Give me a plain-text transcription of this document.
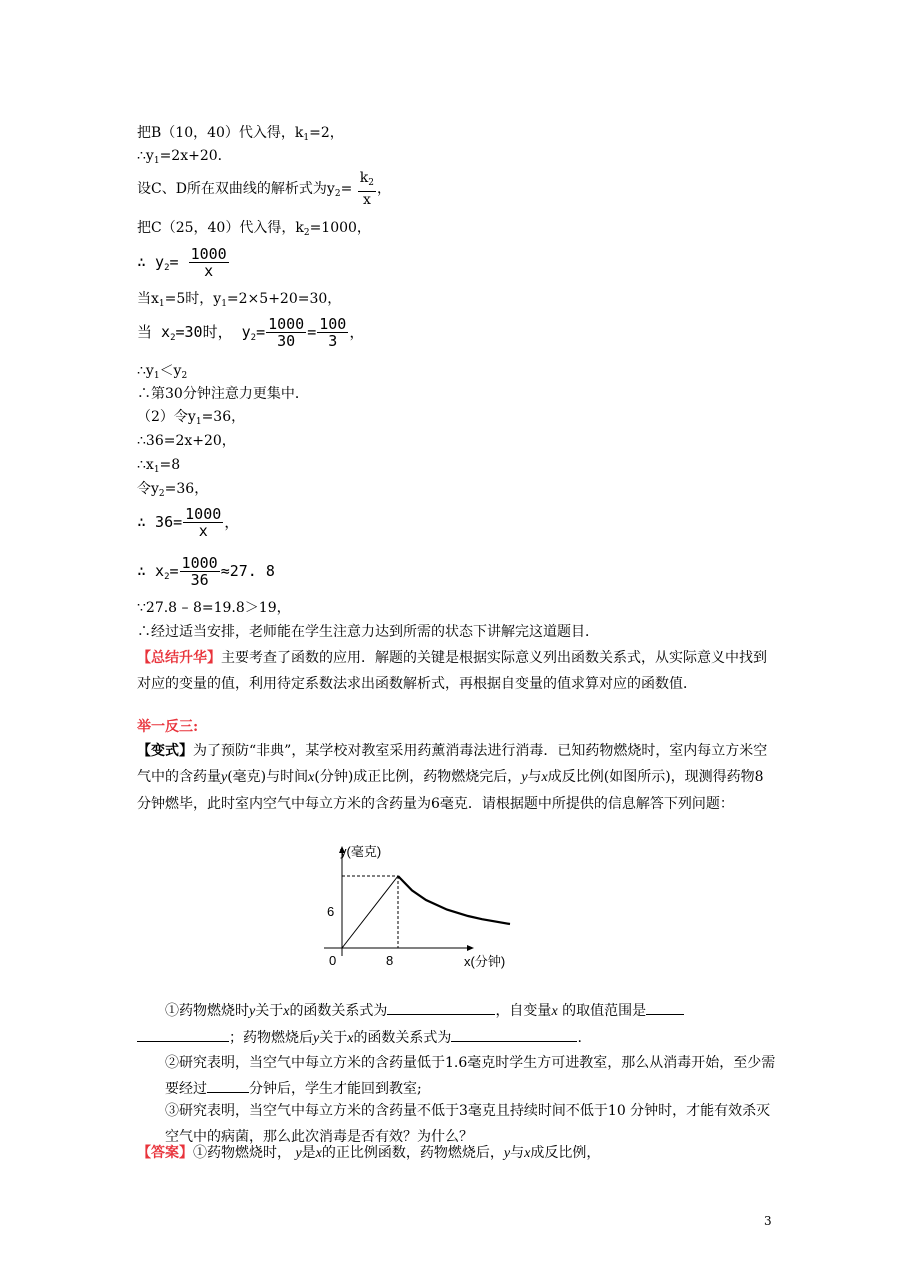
把B（10，40）代入得，$k_1=2$，
$\therefore y_1=2x+20$．
设C、D所在双曲线的解析式为$y_2= \frac{k_2}{x}$ ，
把C（25，40）代入得，$k_2=1000$，
∴ $y_2= \frac{1000}{x}$
当$x_1=5$时，$y_1=2\times 5+20=30$，
当 $x_2=30$时， $y_2= \frac{1000}{30} = \frac{100}{3}$ ，
$\therefore y_1<y_2$
∴第30分钟注意力更集中．
（2）令$y_1=36$，
∴36=2x+20，
$\therefore x_1=8$
令$y_2=36$，
∴ $36= \frac{1000}{x}$ ，
∴ $x_2= \frac{1000}{36} \approx 27$. 8
∵27.8 – 8=19.8＞19，
∴经过适当安排，老师能在学生注意力达到所需的状态下讲解完这道题目．
【总结升华】主要考查了函数的应用．解题的关键是根据实际意义列出函数关系式，从实际意义中找到对应的变量的值，利用待定系数法求出函数解析式，再根据自变量的值求算对应的函数值．
举一反三:
【变式】为了预防“非典”，某学校对教室采用药薰消毒法进行消毒．已知药物燃烧时，室内每立方米空气中的含药量y(毫克)与时间x(分钟)成正比例，药物燃烧完后，y与x成反比例(如图所示)，现测得药物8分钟燃毕，此时室内空气中每立方米的含药量为6毫克．请根据题中所提供的信息解答下列问题：
y(毫克)
x(分钟)
0	8
6
①药物燃烧时y关于x的函数关系式为	，自变量x 的取值范围是
；药物燃烧后y关于x的函数关系式为	.
②研究表明，当空气中每立方米的含药量低于1.6毫克时学生方可进教室，那么从消毒开始，至少需要经过	分钟后，学生才能回到教室;
③研究表明，当空气中每立方米的含药量不低于3毫克且持续时间不低于10 分钟时，才能有效杀灭空气中的病菌，那么此次消毒是否有效？为什么？
【答案】①药物燃烧时， y是x的正比例函数，药物燃烧后，y与x成反比例，
3
